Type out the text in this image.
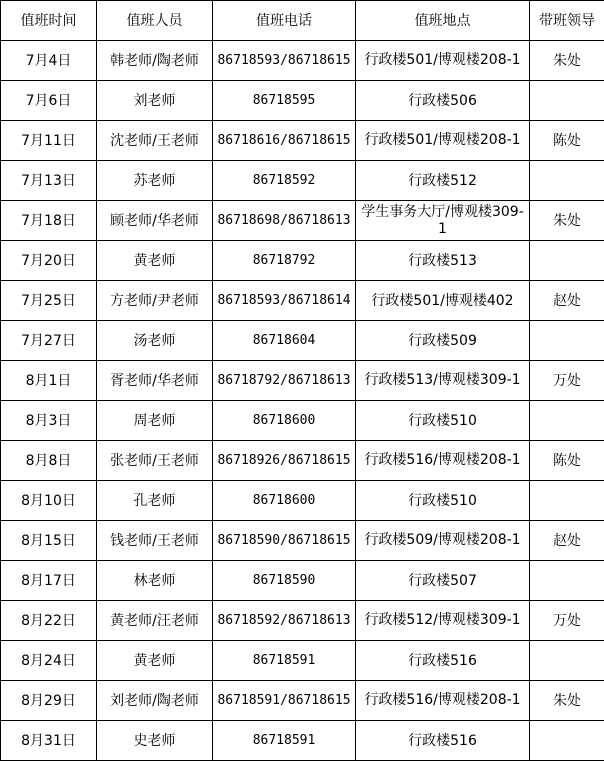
值班时间	值班人员	值班电话	值班地点	带班领导
7月4日	韩老师/陶老师	86718593/86718615	行政楼501/博观楼208-1	朱处
7月6日	刘老师	86718595	行政楼506	
7月11日	沈老师/王老师	86718616/86718615	行政楼501/博观楼208-1	陈处
7月13日	苏老师	86718592	行政楼512	
7月18日	顾老师/华老师	86718698/86718613	学生事务大厅/博观楼309-1	朱处
7月20日	黄老师	86718792	行政楼513	
7月25日	方老师/尹老师	86718593/86718614	行政楼501/博观楼402	赵处
7月27日	汤老师	86718604	行政楼509	
8月1日	胥老师/华老师	86718792/86718613	行政楼513/博观楼309-1	万处
8月3日	周老师	86718600	行政楼510	
8月8日	张老师/王老师	86718926/86718615	行政楼516/博观楼208-1	陈处
8月10日	孔老师	86718600	行政楼510	
8月15日	钱老师/王老师	86718590/86718615	行政楼509/博观楼208-1	赵处
8月17日	林老师	86718590	行政楼507	
8月22日	黄老师/汪老师	86718592/86718613	行政楼512/博观楼309-1	万处
8月24日	黄老师	86718591	行政楼516	
8月29日	刘老师/陶老师	86718591/86718615	行政楼516/博观楼208-1	朱处
8月31日	史老师	86718591	行政楼516	
